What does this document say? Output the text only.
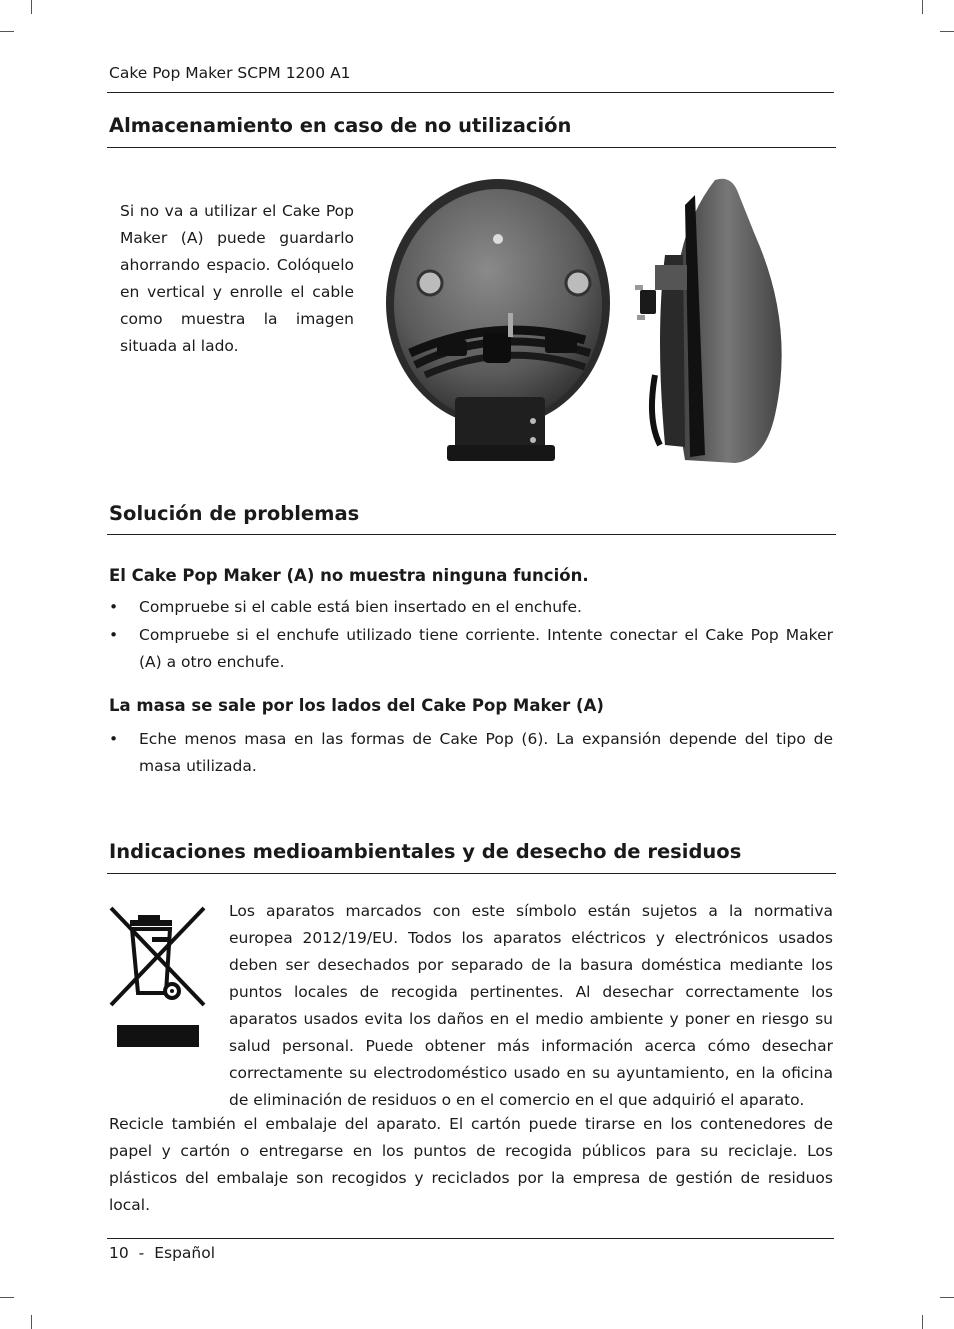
Cake Pop Maker SCPM 1200 A1
Almacenamiento en caso de no utilización

Si no va a utilizar el Cake Pop Maker (A) puede guardarlo ahorrando espacio. Colóquelo en vertical y enrolle el cable como muestra la imagen situada al lado.

Solución de problemas
El Cake Pop Maker (A) no muestra ninguna función.
• Compruebe si el cable está bien insertado en el enchufe.
• Compruebe si el enchufe utilizado tiene corriente. Intente conectar el Cake Pop Maker (A) a otro enchufe.
La masa se sale por los lados del Cake Pop Maker (A)
• Eche menos masa en las formas de Cake Pop (6). La expansión depende del tipo de masa utilizada.
Indicaciones medioambientales y de desecho de residuos

Los aparatos marcados con este símbolo están sujetos a la normativa europea 2012/19/EU. Todos los aparatos eléctricos y electrónicos usados deben ser desechados por separado de la basura doméstica mediante los puntos locales de recogida pertinentes. Al desechar correctamente los aparatos usados evita los daños en el medio ambiente y poner en riesgo su salud personal. Puede obtener más información acerca cómo desechar correctamente su electrodoméstico usado en su ayuntamiento, en la oficina de eliminación de residuos o en el comercio en el que adquirió el aparato.

Recicle también el embalaje del aparato. El cartón puede tirarse en los contenedores de papel y cartón o entregarse en los puntos de recogida públicos para su reciclaje. Los plásticos del embalaje son recogidos y reciclados por la empresa de gestión de residuos local.

10 - Español
